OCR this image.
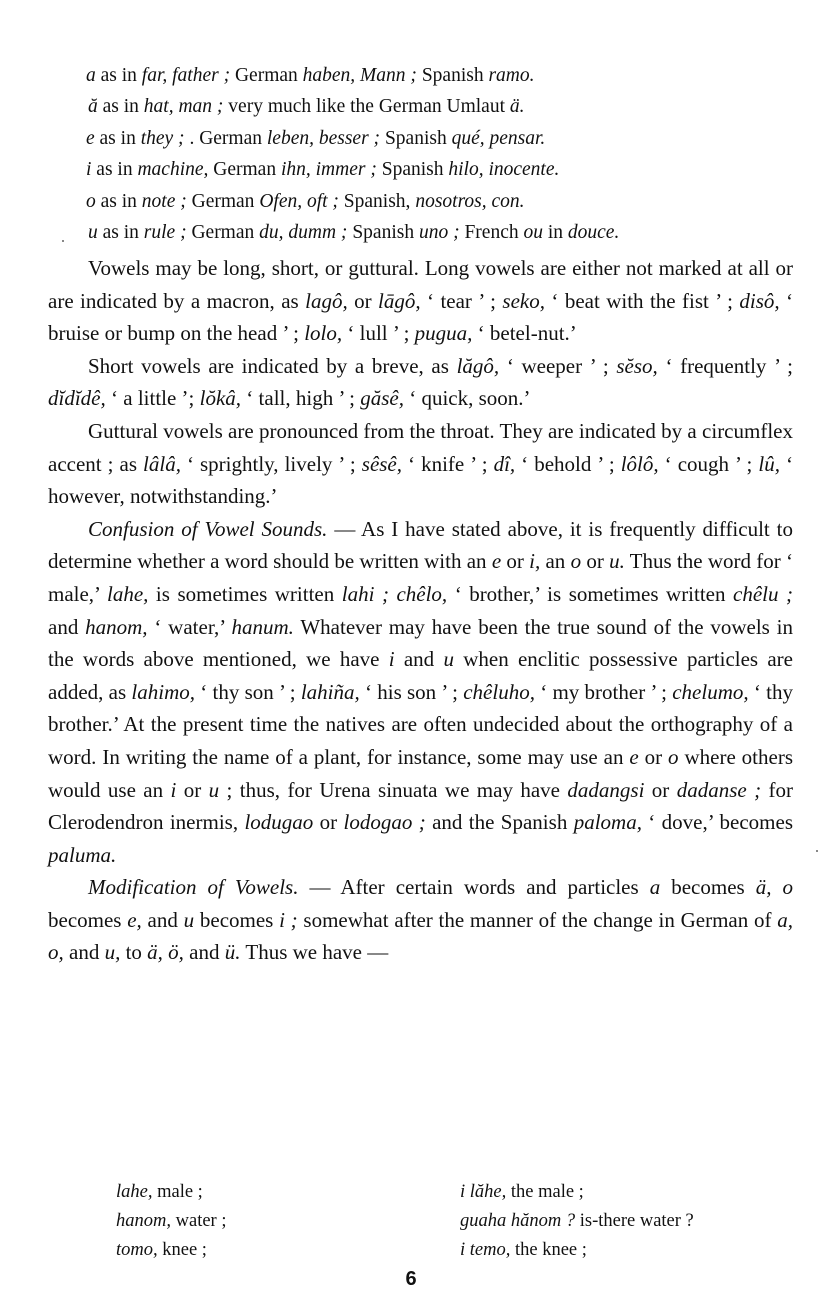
a as in far, father ; German haben, Mann ; Spanish ramo.
ă as in hat, man ; very much like the German Umlaut ä.
e as in they ; . German leben, besser ; Spanish qué, pensar.
i as in machine, German ihn, immer ; Spanish hilo, inocente.
o as in note ; German Ofen, oft ; Spanish, nosotros, con.
u as in rule ; German du, dumm ; Spanish uno ; French ou in douce.

Vowels may be long, short, or guttural. Long vowels are either not marked at all or are indicated by a macron, as lagô, or lāgô, ‘ tear ’ ; seko, ‘ beat with the fist ’ ; disô, ‘ bruise or bump on the head ’ ; lolo, ‘ lull ’ ; pugua, ‘ betel-nut.’

Short vowels are indicated by a breve, as lăgô, ‘ weeper ’ ; sĕso, ‘ frequently ’ ; dĭdĭdê, ‘ a little ’; lŏkâ, ‘ tall, high ’ ; găsê, ‘ quick, soon.’

Guttural vowels are pronounced from the throat. They are indicated by a circumflex accent ; as lâlâ, ‘ sprightly, lively ’ ; sêsê, ‘ knife ’ ; dî, ‘ behold ’ ; lôlô, ‘ cough ’ ; lû, ‘ however, notwithstanding.’

Confusion of Vowel Sounds. — As I have stated above, it is frequently difficult to determine whether a word should be written with an e or i, an o or u. Thus the word for ‘ male,’ lahe, is sometimes written lahi ; chêlo, ‘ brother,’ is sometimes written chêlu ; and hanom, ‘ water,’ hanum. Whatever may have been the true sound of the vowels in the words above mentioned, we have i and u when enclitic possessive particles are added, as lahimo, ‘ thy son ’ ; lahiña, ‘ his son ’ ; chêluho, ‘ my brother ’ ; chelumo, ‘ thy brother.’ At the present time the natives are often undecided about the orthography of a word. In writing the name of a plant, for instance, some may use an e or o where others would use an i or u ; thus, for Urena sinuata we may have dadangsi or dadanse ; for Clerodendron inermis, lodugao or lodogao ; and the Spanish paloma, ‘ dove,’ becomes paluma.

Modification of Vowels. — After certain words and particles a becomes ä, o becomes e, and u becomes i ; somewhat after the manner of the change in German of a, o, and u, to ä, ö, and ü. Thus we have —

lahe, male ;	i lăhe, the male ;
hanom, water ;	guaha hănom ? is-there water ?
tomo, knee ;	i temo, the knee ;
6
